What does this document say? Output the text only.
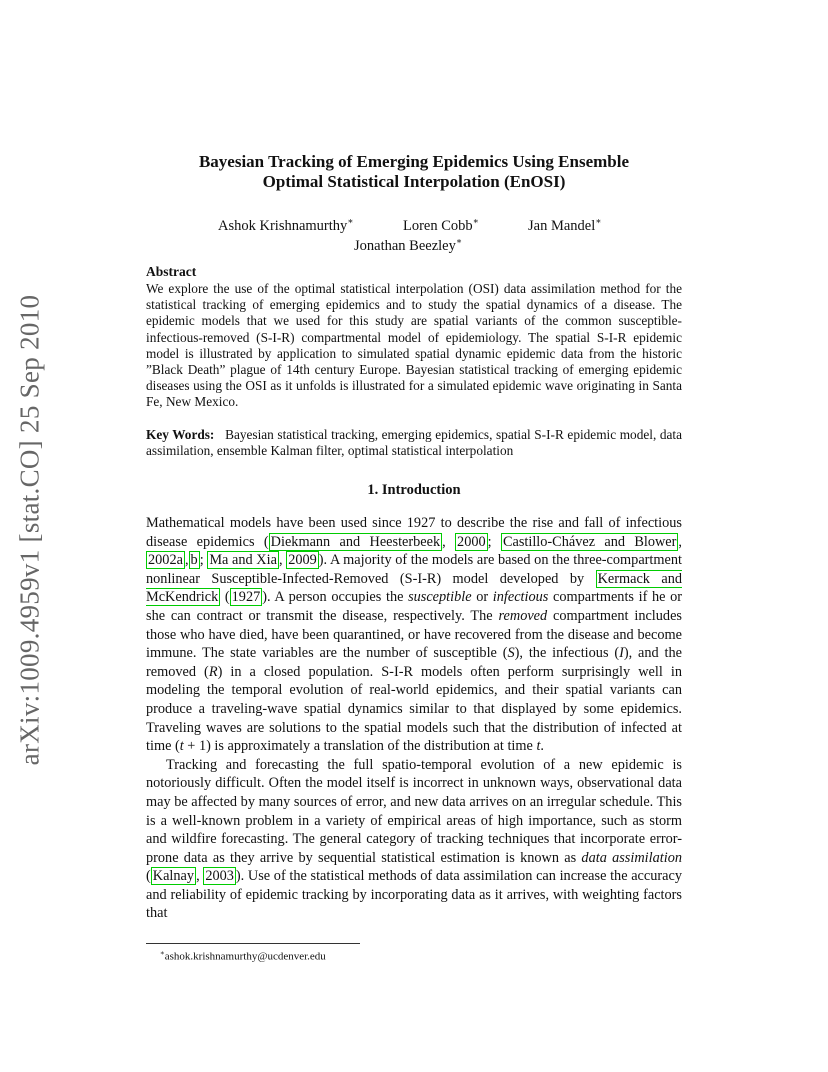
arXiv:1009.4959v1 [stat.CO] 25 Sep 2010
Bayesian Tracking of Emerging Epidemics Using Ensemble
Optimal Statistical Interpolation (EnOSI)
Ashok Krishnamurthy∗	Loren Cobb∗	Jan Mandel∗
Jonathan Beezley∗
Abstract
We explore the use of the optimal statistical interpolation (OSI) data assimilation method for the statistical tracking of emerging epidemics and to study the spatial dynamics of a disease. The epidemic models that we used for this study are spatial variants of the common susceptible-infectious-removed (S-I-R) compartmental model of epidemiology. The spatial S-I-R epidemic model is illustrated by application to simulated spatial dynamic epidemic data from the historic ”Black Death” plague of 14th century Europe. Bayesian statistical tracking of emerging epidemic diseases using the OSI as it unfolds is illustrated for a simulated epidemic wave originating in Santa Fe, New Mexico.
Key Words: Bayesian statistical tracking, emerging epidemics, spatial S-I-R epidemic model, data assimilation, ensemble Kalman filter, optimal statistical interpolation
1. Introduction

Mathematical models have been used since 1927 to describe the rise and fall of infectious disease epidemics ( Diekmann and Heesterbeek , 2000 ; Castillo-Chávez and Blower , 2002a , b ; Ma and Xia , 2009 ). A majority of the models are based on the three-compartment nonlinear Susceptible-Infected-Removed (S-I-R) model developed by Kermack and McKendrick ( 1927 ). A person occupies the susceptible or infectious compartments if he or she can contract or transmit the disease, respectively. The removed compartment includes those who have died, have been quarantined, or have recovered from the disease and become immune. The state variables are the number of susceptible (S), the infectious (I), and the removed (R) in a closed population. S-I-R models often perform surprisingly well in modeling the temporal evolution of real-world epidemics, and their spatial variants can produce a traveling-wave spatial dynamics similar to that displayed by some epidemics. Traveling waves are solutions to the spatial models such that the distribution of infected at time (t + 1) is approximately a translation of the distribution at time t.

Tracking and forecasting the full spatio-temporal evolution of a new epidemic is notoriously difficult. Often the model itself is incorrect in unknown ways, observational data may be affected by many sources of error, and new data arrives on an irregular schedule. This is a well-known problem in a variety of empirical areas of high importance, such as storm and wildfire forecasting. The general category of tracking techniques that incorporate error-prone data as they arrive by sequential statistical estimation is known as data assimilation ( Kalnay , 2003 ). Use of the statistical methods of data assimilation can increase the accuracy and reliability of epidemic tracking by incorporating data as it arrives, with weighting factors that

∗ashok.krishnamurthy@ucdenver.edu
